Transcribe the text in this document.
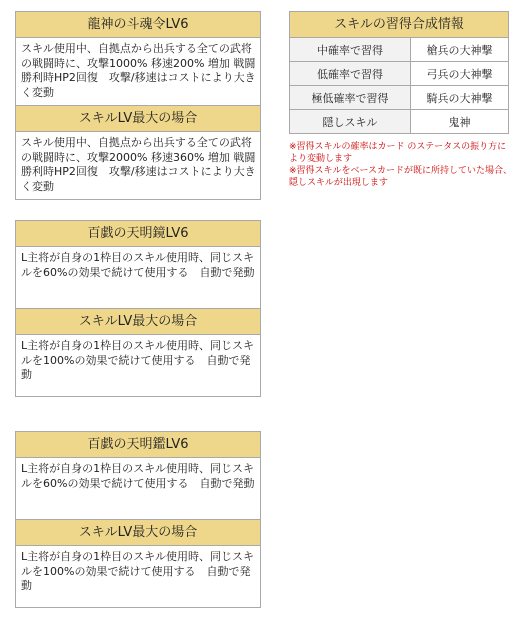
龍神の斗魂令LV6
スキル使用中、自拠点から出兵する全ての武将の戦闘時に、攻撃1000% 移速200% 増加 戦闘勝利時HP2回復　攻撃/移速はコストにより大きく変動
スキルLV最大の場合
スキル使用中、自拠点から出兵する全ての武将の戦闘時に、攻撃2000% 移速360% 増加 戦闘勝利時HP2回復　攻撃/移速はコストにより大きく変動
百戯の天明鏡LV6
L主将が自身の1枠目のスキル使用時、同じスキルを60%の効果で続けて使用する　自動で発動
スキルLV最大の場合
L主将が自身の1枠目のスキル使用時、同じスキルを100%の効果で続けて使用する　自動で発動
百戯の天明鑑LV6
L主将が自身の1枠目のスキル使用時、同じスキルを60%の効果で続けて使用する　自動で発動
スキルLV最大の場合
L主将が自身の1枠目のスキル使用時、同じスキルを100%の効果で続けて使用する　自動で発動
スキルの習得合成情報
中確率で習得	槍兵の大神撃
低確率で習得	弓兵の大神撃
極低確率で習得	騎兵の大神撃
隠しスキル	鬼神
※習得スキルの確率はカード のステータスの振り方により変動します
※習得スキルをベースカードが既に所持していた場合、隠しスキルが出現します
